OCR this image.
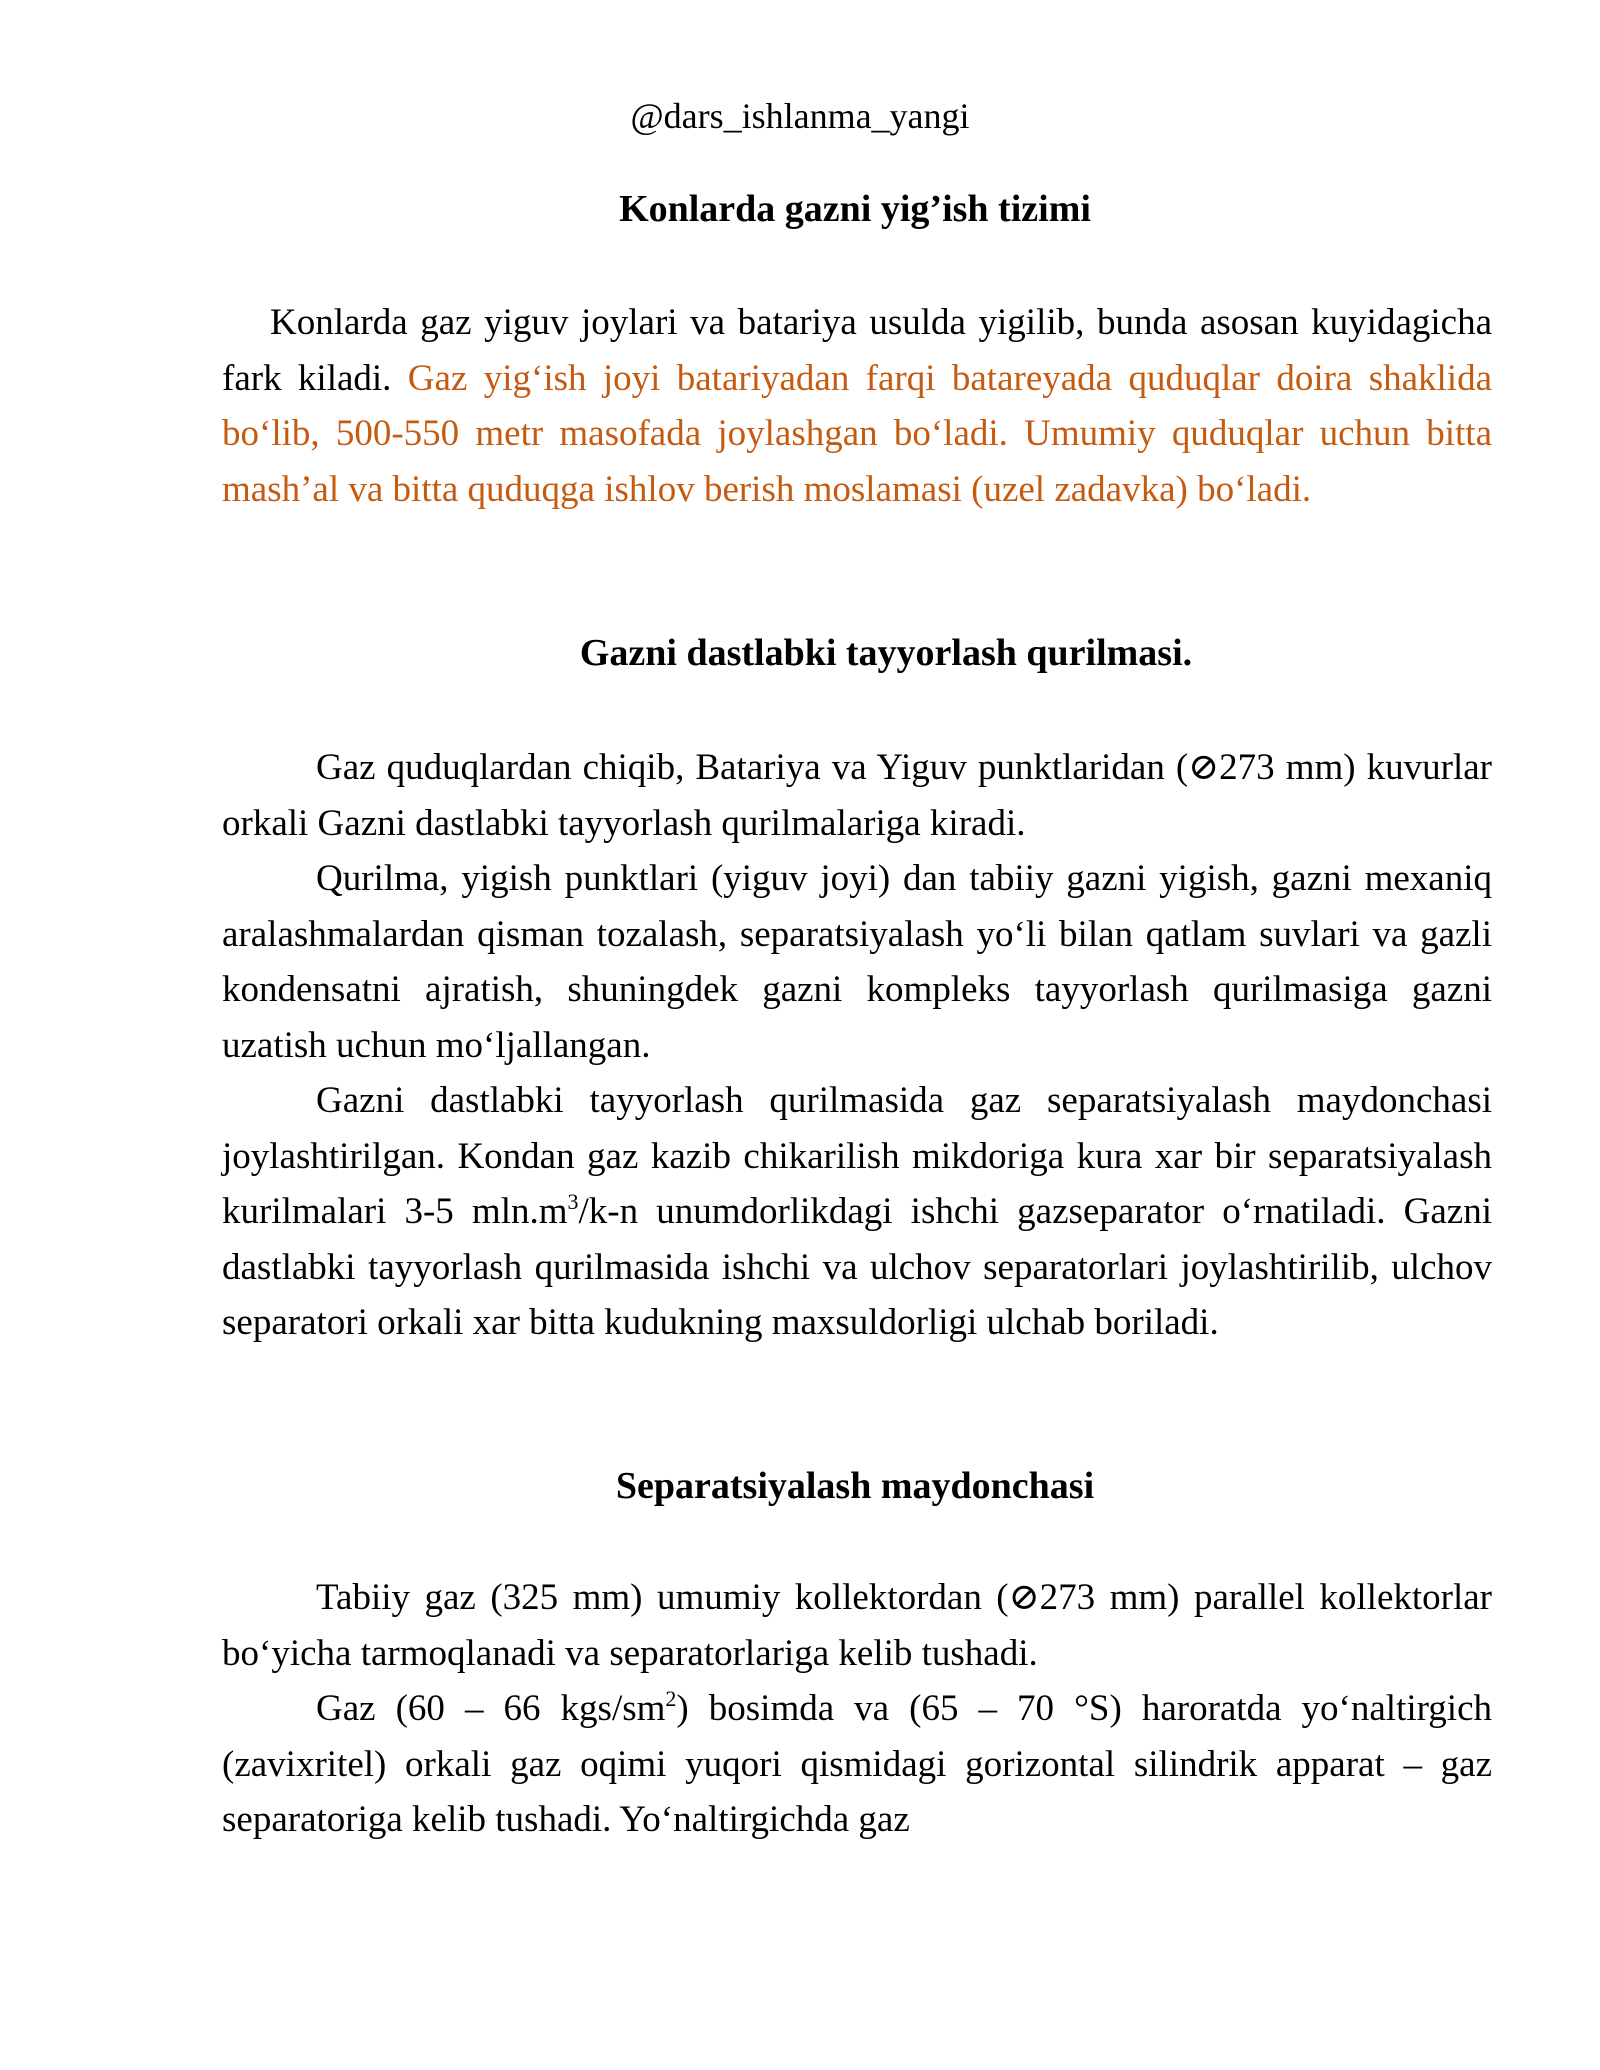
@dars_ishlanma_yangi
Konlarda gazni yig’ish tizimi

Konlarda gaz yiguv joylari va batariya usulda yigilib, bunda asosan kuyidagicha fark kiladi. Gaz yig‘ish joyi batariyadan farqi batareyada quduqlar doira shaklida bo‘lib, 500-550 metr masofada joylashgan bo‘ladi. Umumiy quduqlar uchun bitta mash’al va bitta quduqga ishlov berish moslamasi (uzel zadavka) bo‘ladi.

Gazni dastlabki tayyorlash qurilmasi.

Gaz quduqlardan chiqib, Batariya va Yiguv punktlaridan (⊘273 mm) kuvurlar orkali Gazni dastlabki tayyorlash qurilmalariga kiradi.

Qurilma, yigish punktlari (yiguv joyi) dan tabiiy gazni yigish, gazni mexaniq aralashmalardan qisman tozalash, separatsiyalash yo‘li bilan qatlam suvlari va gazli kondensatni ajratish, shuningdek gazni kompleks tayyorlash qurilmasiga gazni uzatish uchun mo‘ljallangan.

Gazni dastlabki tayyorlash qurilmasida gaz separatsiyalash maydonchasi joylashtirilgan. Kondan gaz kazib chikarilish mikdoriga kura xar bir separatsiyalash kurilmalari 3-5 $mln.m^3/k-n$ unumdorlikdagi ishchi gazseparator o‘rnatiladi. Gazni dastlabki tayyorlash qurilmasida ishchi va ulchov separatorlari joylashtirilib, ulchov separatori orkali xar bitta kudukning maxsuldorligi ulchab boriladi.

Separatsiyalash maydonchasi

Tabiiy gaz (325 mm) umumiy kollektordan (⊘273 mm) parallel kollektorlar bo‘yicha tarmoqlanadi va separatorlariga kelib tushadi.

Gaz (60 – 66 kgs/$sm^2$) bosimda va (65 – 70 °S) haroratda yo‘naltirgich (zavixritel) orkali gaz oqimi yuqori qismidagi gorizontal silindrik apparat – gaz separatoriga kelib tushadi. Yo‘naltirgichda gaz
